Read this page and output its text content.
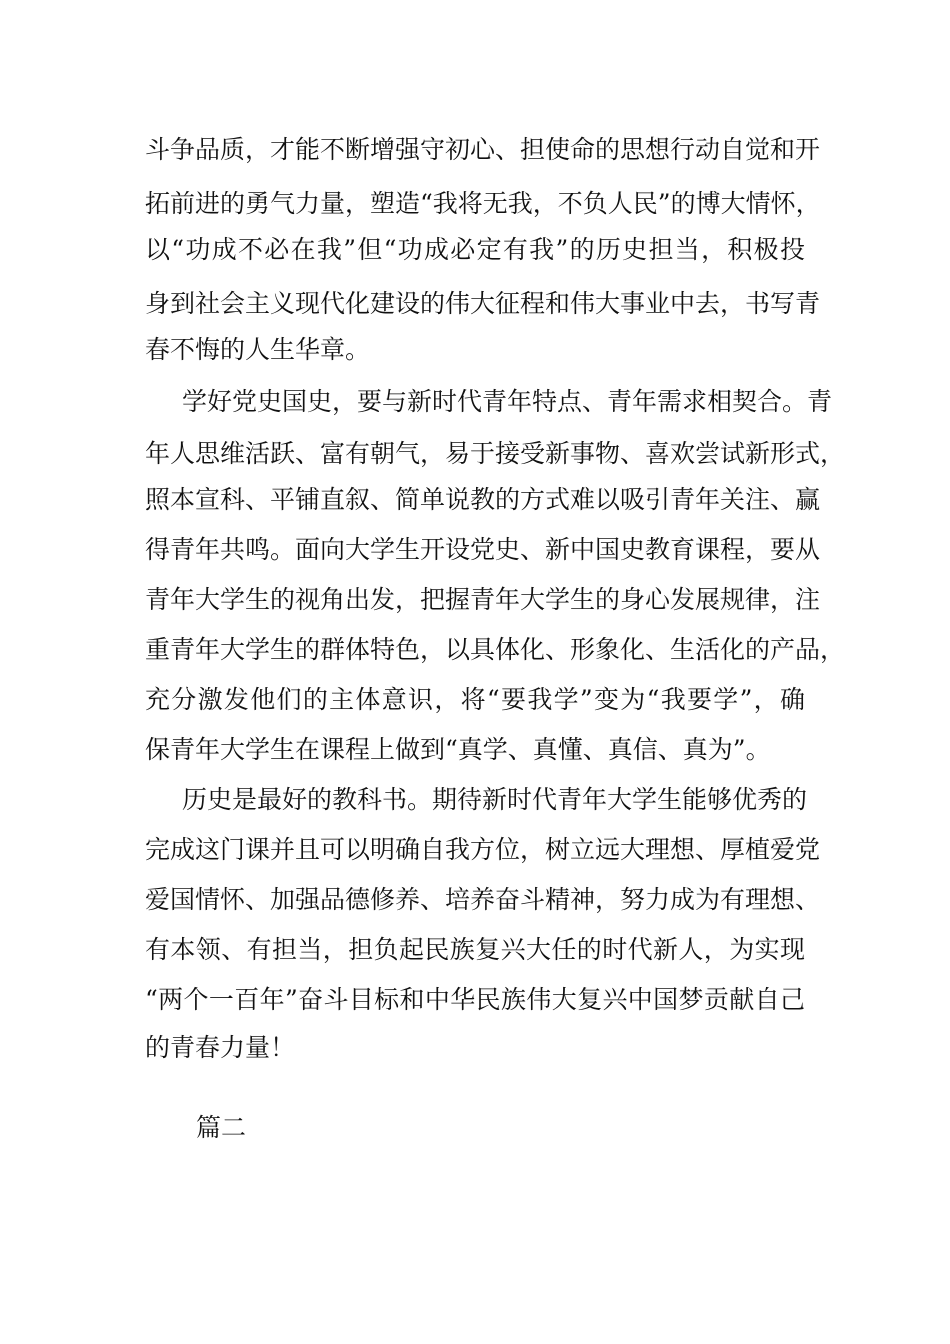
斗争品质，才能不断增强守初心、担使命的思想行动自觉和开
拓前进的勇气力量，塑造“我将无我，不负人民”的博大情怀，
以“功成不必在我”但“功成必定有我”的历史担当，积极投
身到社会主义现代化建设的伟大征程和伟大事业中去，书写青
春不悔的人生华章。
学好党史国史，要与新时代青年特点、青年需求相契合。青
年人思维活跃、富有朝气，易于接受新事物、喜欢尝试新形式，
照本宣科、平铺直叙、简单说教的方式难以吸引青年关注、赢
得青年共鸣。面向大学生开设党史、新中国史教育课程，要从
青年大学生的视角出发，把握青年大学生的身心发展规律，注
重青年大学生的群体特色，以具体化、形象化、生活化的产品，
充分激发他们的主体意识，将“要我学”变为“我要学”，确
保青年大学生在课程上做到“真学、真懂、真信、真为”。
历史是最好的教科书。期待新时代青年大学生能够优秀的
完成这门课并且可以明确自我方位，树立远大理想、厚植爱党
爱国情怀、加强品德修养、培养奋斗精神，努力成为有理想、
有本领、有担当，担负起民族复兴大任的时代新人，为实现
“两个一百年”奋斗目标和中华民族伟大复兴中国梦贡献自己
的青春力量！
篇二
